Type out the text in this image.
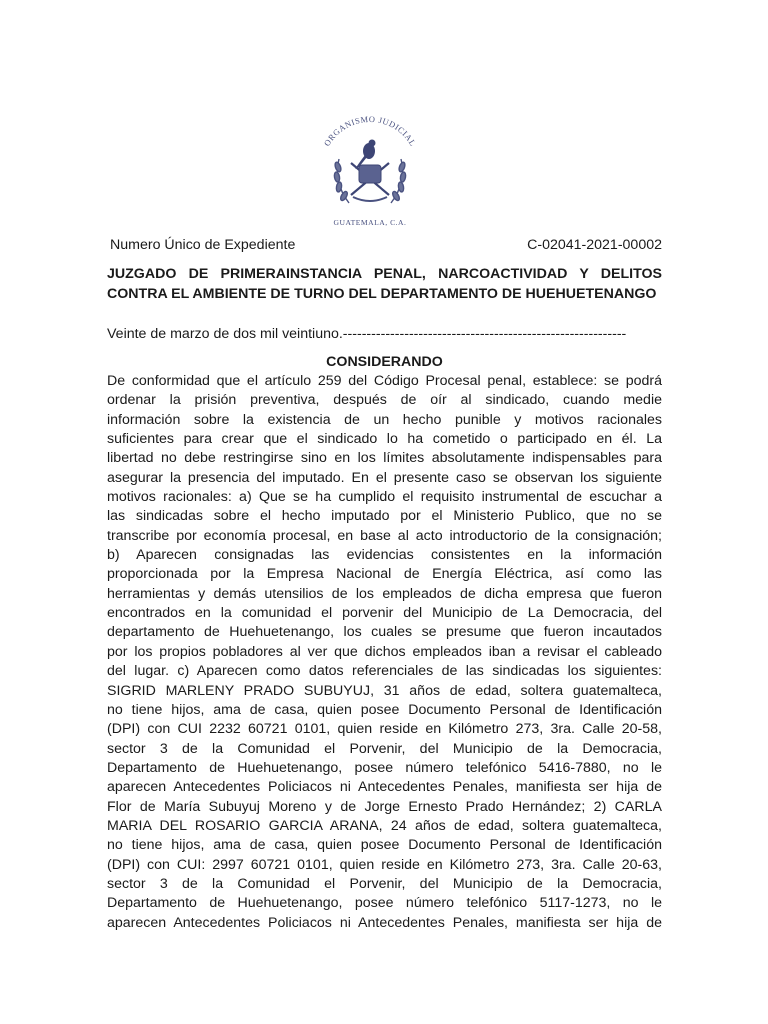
ORGANISMO JUDICIAL
GUATEMALA, C.A.
Numero Único de Expediente	C-02041-2021-00002
JUZGADO DE PRIMERAINSTANCIA PENAL, NARCOACTIVIDAD Y DELITOS CONTRA EL AMBIENTE DE TURNO DEL DEPARTAMENTO DE HUEHUETENANGO
Veinte de marzo de dos mil veintiuno.------------------------------------------------------------
CONSIDERANDO
De conformidad que el artículo 259 del Código Procesal penal, establece: se podrá
ordenar la prisión preventiva, después de oír al sindicado, cuando medie
información sobre la existencia de un hecho punible y motivos racionales
suficientes para crear que el sindicado lo ha cometido o participado en él. La
libertad no debe restringirse sino en los límites absolutamente indispensables para
asegurar la presencia del imputado. En el presente caso se observan los siguiente
motivos racionales: a) Que se ha cumplido el requisito instrumental de escuchar a
las sindicadas sobre el hecho imputado por el Ministerio Publico, que no se
transcribe por economía procesal, en base al acto introductorio de la consignación;
b) Aparecen consignadas las evidencias consistentes en la información
proporcionada por la Empresa Nacional de Energía Eléctrica, así como las
herramientas y demás utensilios de los empleados de dicha empresa que fueron
encontrados en la comunidad el porvenir del Municipio de La Democracia, del
departamento de Huehuetenango, los cuales se presume que fueron incautados
por los propios pobladores al ver que dichos empleados iban a revisar el cableado
del lugar. c) Aparecen como datos referenciales de las sindicadas los siguientes:
SIGRID MARLENY PRADO SUBUYUJ, 31 años de edad, soltera guatemalteca,
no tiene hijos, ama de casa, quien posee Documento Personal de Identificación
(DPI) con CUI 2232 60721 0101, quien reside en Kilómetro 273, 3ra. Calle 20-58,
sector 3 de la Comunidad el Porvenir, del Municipio de la Democracia,
Departamento de Huehuetenango, posee número telefónico 5416-7880, no le
aparecen Antecedentes Policiacos ni Antecedentes Penales, manifiesta ser hija de
Flor de María Subuyuj Moreno y de Jorge Ernesto Prado Hernández; 2) CARLA
MARIA DEL ROSARIO GARCIA ARANA, 24 años de edad, soltera guatemalteca,
no tiene hijos, ama de casa, quien posee Documento Personal de Identificación
(DPI) con CUI: 2997 60721 0101, quien reside en Kilómetro 273, 3ra. Calle 20-63,
sector 3 de la Comunidad el Porvenir, del Municipio de la Democracia,
Departamento de Huehuetenango, posee número telefónico 5117-1273, no le
aparecen Antecedentes Policiacos ni Antecedentes Penales, manifiesta ser hija de
